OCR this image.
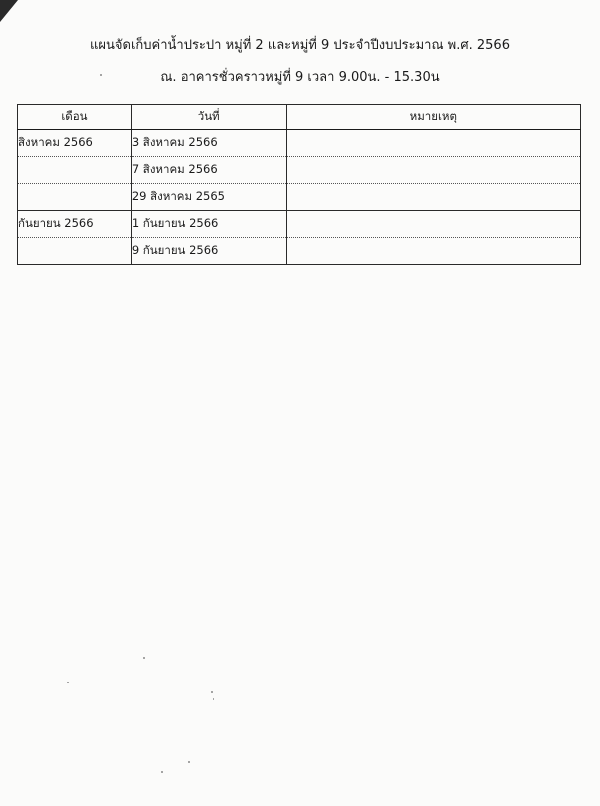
แผนจัดเก็บค่าน้ำประปา หมู่ที่ 2 และหมู่ที่ 9 ประจำปีงบประมาณ พ.ศ. 2566
ณ. อาคารชั่วคราวหมู่ที่ 9 เวลา 9.00น. - 15.30น
เดือน	วันที่	หมายเหตุ
สิงหาคม 2566	3 สิงหาคม 2566	
	7 สิงหาคม 2566	
	29 สิงหาคม 2565	
กันยายน 2566	1 กันยายน 2566	
	9 กันยายน 2566	
